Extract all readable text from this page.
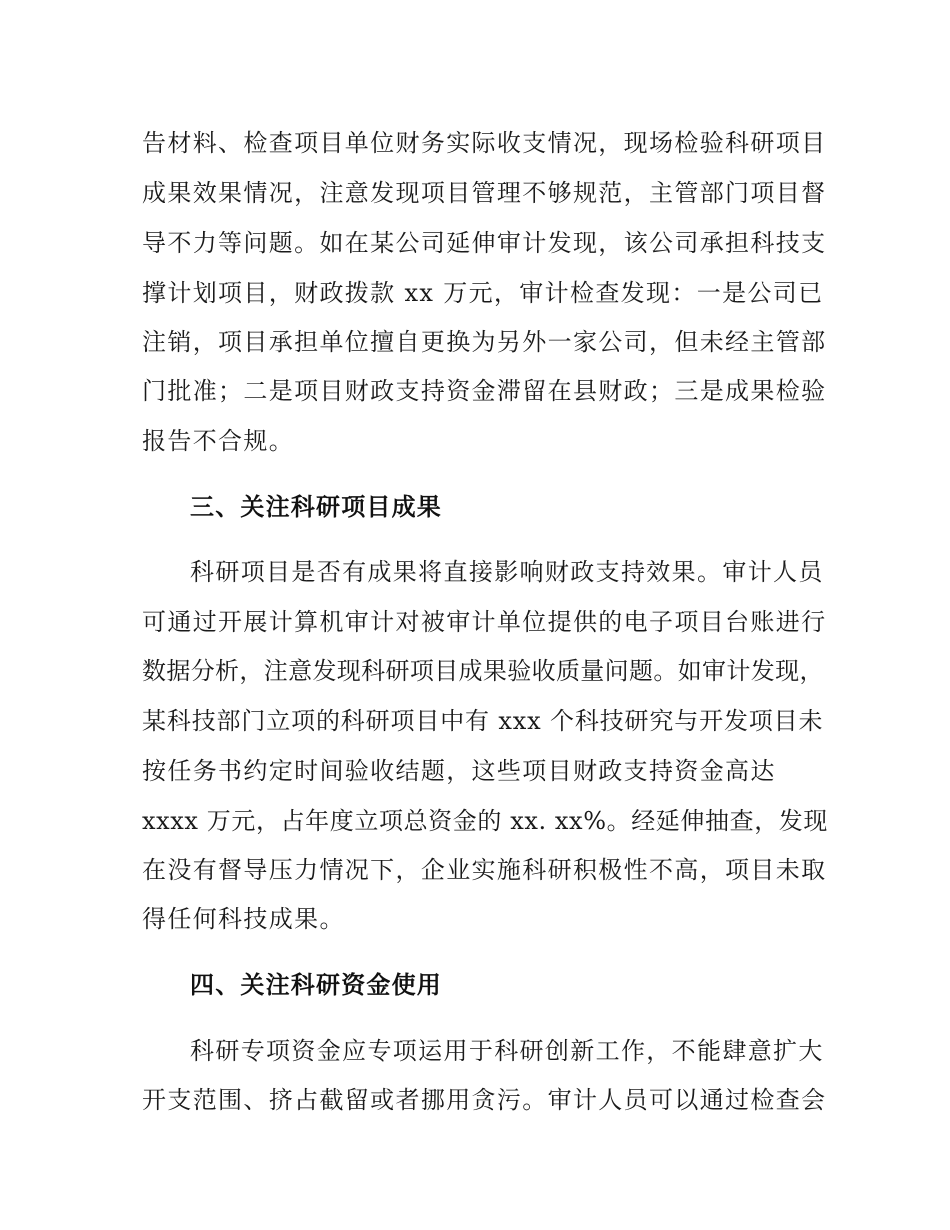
告材料、检查项目单位财务实际收支情况，现场检验科研项目
成果效果情况，注意发现项目管理不够规范，主管部门项目督
导不力等问题。如在某公司延伸审计发现，该公司承担科技支
撑计划项目，财政拨款 xx 万元，审计检查发现：一是公司已
注销，项目承担单位擅自更换为另外一家公司，但未经主管部
门批准；二是项目财政支持资金滞留在县财政；三是成果检验
报告不合规。
三、关注科研项目成果
科研项目是否有成果将直接影响财政支持效果。审计人员
可通过开展计算机审计对被审计单位提供的电子项目台账进行
数据分析，注意发现科研项目成果验收质量问题。如审计发现，
某科技部门立项的科研项目中有 xxx 个科技研究与开发项目未
按任务书约定时间验收结题，这些项目财政支持资金高达
xxxx 万元，占年度立项总资金的 xx. xx%。经延伸抽查，发现
在没有督导压力情况下，企业实施科研积极性不高，项目未取
得任何科技成果。
四、关注科研资金使用
科研专项资金应专项运用于科研创新工作，不能肆意扩大
开支范围、挤占截留或者挪用贪污。审计人员可以通过检查会
